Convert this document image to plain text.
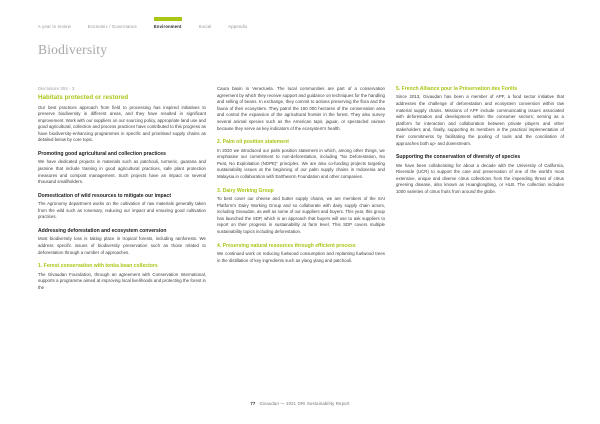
A year in review	Economic / Governance	Environment	Social	Appendix
Biodiversity
Disclosure 304 - 3
Habitats protected or restored

Our best practices approach from field to processing has inspired initiatives to preserve biodiversity in different areas, and they have resulted in significant improvement. Work with our suppliers on our sourcing policy, appropriate land use and good agricultural, collection and process practices have contributed to this progress as have biodiversity-enhancing programmes in specific and prioritised supply chains as detailed below by core topic.

Promoting good agricultural and collection practices

We have dedicated projects in materials such as patchouli, turmeric, guarana and jasmine that include training in good agricultural practices, safe plant protection measures and compost management. Such projects have an impact on several thousand smallholders.

Domestication of wild resources to mitigate our impact

The Agronomy department works on the cultivation of raw materials generally taken from the wild such as rosemary, reducing our impact and ensuring good cultivation practices.

Addressing deforestation and ecosystem conversion

Most biodiversity loss is taking place in tropical forests, including rainforests. We address specific issues of biodiversity preservation such as those related to deforestation through a number of approaches.

1. Forest conservation with tonka bean collectors

The Givaudan Foundation, through an agreement with Conservation International, supports a programme aimed at improving local livelihoods and protecting the forest in the

Caura basin in Venezuela. The local communities are part of a conservation agreement by which they receive support and guidance on techniques for the handling and selling of beans. In exchange, they commit to actions preserving the flora and the fauna of their ecosystem. They patrol the 150 000 hectares of the conservation area and control the expansion of the agricultural frontier in the forest. They also survey several animal species such as the American tapir, jaguar, or spectacled caiman because they serve as key indicators of the ecosystem's health.

2. Palm oil position statement

In 2020 we introduced our palm position statement in which, among other things, we emphasise our commitment to non-deforestation, including "No Deforestation, No Peat, No Exploitation (NDPE)" principles. We are also co-funding projects targeting sustainability issues at the beginning of our palm supply chains in Indonesia and Malaysia in collaboration with Earthworm Foundation and other companies.

3. Dairy Working Group

To best cover our cheese and butter supply chains, we are members of the SAI Platform's Dairy Working Group and so collaborate with dairy supply chain actors, including Givaudan, as well as some of our suppliers and buyers. This year, this group has launched the SDP, which is an approach that buyers will use to ask suppliers to report on their progress in sustainability at farm level. This SDP covers multiple sustainability topics including deforestation.

4. Preserving natural resources through efficient process

We continued work on reducing fuelwood consumption and replanting fuelwood trees in the distillation of key ingredients such as ylang ylang and patchouli.

5. French Alliance pour la Préservation des Forêts

Since 2013, Givaudan has been a member of APF, a food sector initiative that addresses the challenge of deforestation and ecosystem conversion within raw material supply chains. Missions of APF include communicating issues associated with deforestation and development within the consumer sectors; serving as a platform for interaction and collaboration between private players and other stakeholders and, finally, supporting its members in the practical implementation of their commitments by facilitating the pooling of tools and the conciliation of approaches both up- and downstream.

Supporting the conservation of diversity of species

We have been collaborating for about a decade with the University of California, Riverside (UCR) to support the care and preservation of one of the world's most extensive, unique and diverse citrus collections from the impending threat of citrus greening disease, also known as Huanglongbing, or HLB. The collection includes 1000 varieties of citrus fruits from around the globe.

77 Givaudan — 2021 GRI Sustainability Report
